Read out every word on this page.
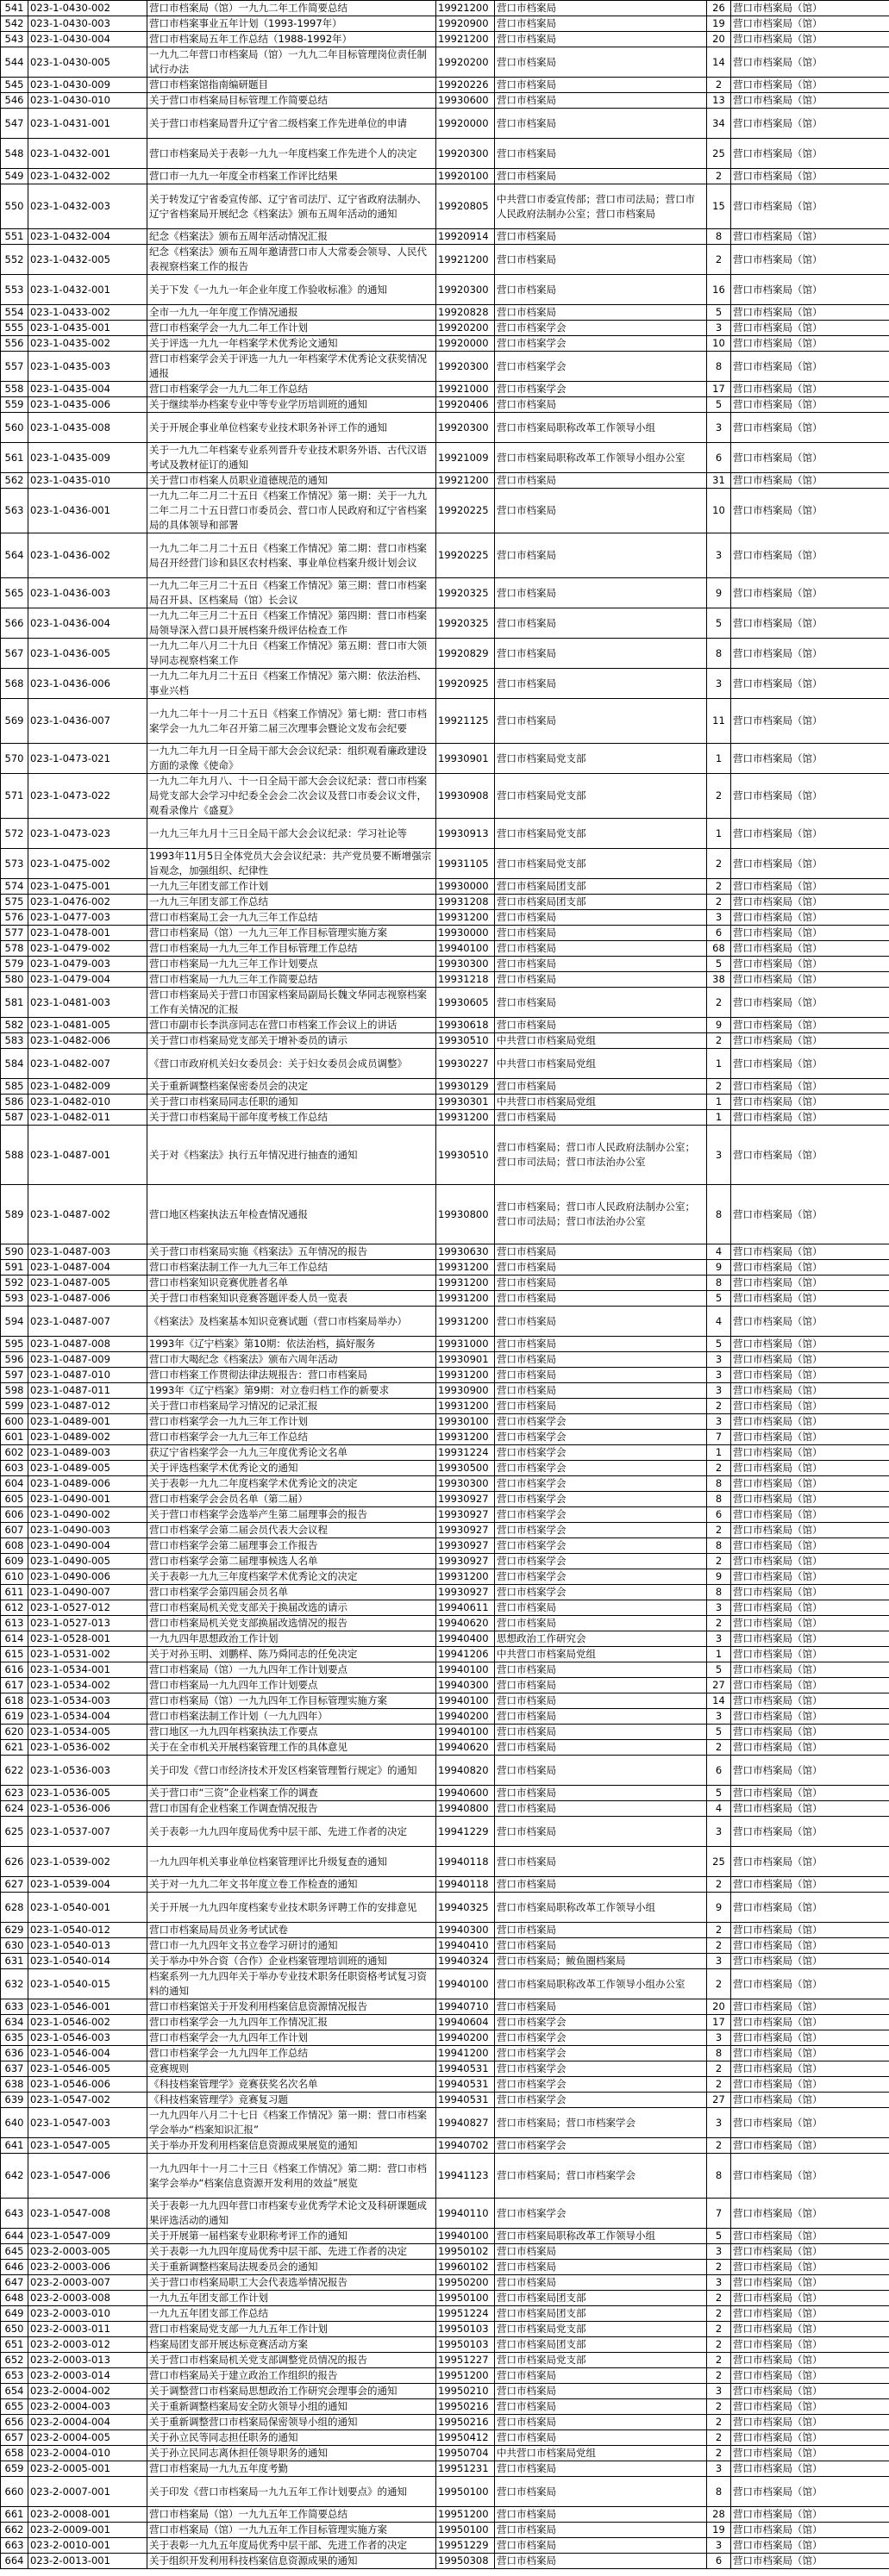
541	023-1-0430-002	营口市档案局（馆）一九九二年工作简要总结	19921200	营口市档案局	26	营口市档案局（馆）
542	023-1-0430-003	营口市档案事业五年计划（1993-1997年）	19920900	营口市档案局	19	营口市档案局（馆）
543	023-1-0430-004	营口市档案局五年工作总结（1988-1992年）	19921200	营口市档案局	20	营口市档案局（馆）
544	023-1-0430-005	一九九二年营口市档案局（馆）一九九二年目标管理岗位责任制试行办法	19920200	营口市档案局	14	营口市档案局（馆）
545	023-1-0430-009	营口市档案馆指南编研题目	19920226	营口市档案局	2	营口市档案局（馆）
546	023-1-0430-010	关于营口市档案局目标管理工作简要总结	19930600	营口市档案局	13	营口市档案局（馆）
547	023-1-0431-001	关于营口市档案局晋升辽宁省二级档案工作先进单位的申请	19920000	营口市档案局	34	营口市档案局（馆）
548	023-1-0432-001	营口市档案局关于表彰一九九一年度档案工作先进个人的决定	19920300	营口市档案局	25	营口市档案局（馆）
549	023-1-0432-002	营口市一九九一年度全市档案工作评比结果	19920100	营口市档案局	2	营口市档案局（馆）
550	023-1-0432-003	关于转发辽宁省委宣传部、辽宁省司法厅、辽宁省政府法制办、辽宁省档案局开展纪念《档案法》颁布五周年活动的通知	19920805	中共营口市委宣传部；营口市司法局；营口市人民政府法制办公室；营口市档案局	15	营口市档案局（馆）
551	023-1-0432-004	纪念《档案法》颁布五周年活动情况汇报	19920914	营口市档案局	8	营口市档案局（馆）
552	023-1-0432-005	纪念《档案法》颁布五周年邀请营口市人大常委会领导、人民代表视察档案工作的报告	19921200	营口市档案局	2	营口市档案局（馆）
553	023-1-0432-001	关于下发《一九九一年企业年度工作验收标准》的通知	19920300	营口市档案局	16	营口市档案局（馆）
554	023-1-0433-002	全市一九九一年年度工作情况通报	19920828	营口市档案局	5	营口市档案局（馆）
555	023-1-0435-001	营口市档案学会一九九二年工作计划	19920200	营口市档案学会	3	营口市档案局（馆）
556	023-1-0435-002	关于评选一九九一年档案学术优秀论文通知	19920000	营口市档案学会	10	营口市档案局（馆）
557	023-1-0435-003	营口市档案学会关于评选一九九一年档案学术优秀论文获奖情况通报	19920300	营口市档案学会	8	营口市档案局（馆）
558	023-1-0435-004	营口市档案学会一九九二年工作总结	19921000	营口市档案学会	17	营口市档案局（馆）
559	023-1-0435-006	关于继续举办档案专业中等专业学历培训班的通知	19920406	营口市档案局	5	营口市档案局（馆）
560	023-1-0435-008	关于开展企事业单位档案专业技术职务补评工作的通知	19920300	营口市档案局职称改革工作领导小组	3	营口市档案局（馆）
561	023-1-0435-009	关于一九九二年档案专业系列晋升专业技术职务外语、古代汉语考试及教材征订的通知	19921009	营口市档案局职称改革工作领导小组办公室	6	营口市档案局（馆）
562	023-1-0435-010	关于营口市档案人员职业道德规范的通知	19921200	营口市档案局	31	营口市档案局（馆）
563	023-1-0436-001	一九九二年二月二十五日《档案工作情况》第一期：关于一九九二年二月二十五日营口市委员会、营口市人民政府和辽宁省档案局的具体领导和部署	19920225	营口市档案局	10	营口市档案局（馆）
564	023-1-0436-002	一九九二年二月二十五日《档案工作情况》第二期：营口市档案局召开经营门诊和县区农村档案、事业单位档案升级计划会议	19920225	营口市档案局	3	营口市档案局（馆）
565	023-1-0436-003	一九九二年三月二十五日《档案工作情况》第三期：营口市档案局召开县、区档案局（馆）长会议	19920325	营口市档案局	9	营口市档案局（馆）
566	023-1-0436-004	一九九二年三月二十五日《档案工作情况》第四期：营口市档案局领导深入营口县开展档案升级评估检查工作	19920325	营口市档案局	5	营口市档案局（馆）
567	023-1-0436-005	一九九二年八月二十九日《档案工作情况》第五期：营口市大领导同志视察档案工作	19920829	营口市档案局	8	营口市档案局（馆）
568	023-1-0436-006	一九九二年九月二十五日《档案工作情况》第六期：依法治档、事业兴档	19920925	营口市档案局	3	营口市档案局（馆）
569	023-1-0436-007	一九九二年十一月二十五日《档案工作情况》第七期：营口市档案学会一九九二年召开第二届三次理事会暨论文发布会纪要	19921125	营口市档案局	11	营口市档案局（馆）
570	023-1-0473-021	一九九二年九月一日全局干部大会会议纪录：组织观看廉政建设方面的录像《使命》	19930901	营口市档案局党支部	1	营口市档案局（馆）
571	023-1-0473-022	一九九二年九月八、十一日全局干部大会会议纪录：营口市档案局党支部大会学习中纪委全会会二次会议及营口市委会议文件，观看录像片《盛夏》	19930908	营口市档案局党支部	2	营口市档案局（馆）
572	023-1-0473-023	一九九三年九月十三日全局干部大会会议纪录：学习社论等	19930913	营口市档案局党支部	1	营口市档案局（馆）
573	023-1-0475-002	1993年11月5日全体党员大会会议纪录：共产党员要不断增强宗旨观念，加强组织、纪律性	19931105	营口市档案局党支部	2	营口市档案局（馆）
574	023-1-0475-001	一九九三年团支部工作计划	19930000	营口市档案局团支部	2	营口市档案局（馆）
575	023-1-0476-002	一九九三年团支部工作总结	19931208	营口市档案局团支部	2	营口市档案局（馆）
576	023-1-0477-003	营口市档案局工会一九九三年工作总结	19931200	营口市档案局	3	营口市档案局（馆）
577	023-1-0478-001	营口市档案局（馆）一九九三年工作目标管理实施方案	19930000	营口市档案局	6	营口市档案局（馆）
578	023-1-0479-002	营口市档案局一九九三年工作目标管理工作总结	19940100	营口市档案局	68	营口市档案局（馆）
579	023-1-0479-003	营口市档案局一九九三年工作计划要点	19930300	营口市档案局	5	营口市档案局（馆）
580	023-1-0479-004	营口市档案局一九九三年工作简要总结	19931218	营口市档案局	38	营口市档案局（馆）
581	023-1-0481-003	营口市档案局关于营口市国家档案局副局长魏文华同志视察档案工作有关情况的汇报	19930605	营口市档案局	2	营口市档案局（馆）
582	023-1-0481-005	营口市副市长李洪彦同志在营口市档案工作会议上的讲话	19930618	营口市档案局	9	营口市档案局（馆）
583	023-1-0482-006	关于营口市档案局党支部关于增补委员的请示	19930510	中共营口市档案局党组	2	营口市档案局（馆）
584	023-1-0482-007	《营口市政府机关妇女委员会：关于妇女委员会成员调整》	19930227	中共营口市档案局党组	1	营口市档案局（馆）
585	023-1-0482-009	关于重新调整档案保密委员会的决定	19930129	营口市档案局	2	营口市档案局（馆）
586	023-1-0482-010	关于营口市档案局同志任职的通知	19930301	中共营口市档案局党组	1	营口市档案局（馆）
587	023-1-0482-011	关于营口市档案局干部年度考核工作总结	19931200	营口市档案局	1	营口市档案局（馆）
588	023-1-0487-001	关于对《档案法》执行五年情况进行抽查的通知	19930510	营口市档案局；营口市人民政府法制办公室；营口市司法局；营口市法治办公室	3	营口市档案局（馆）
589	023-1-0487-002	营口地区档案执法五年检查情况通报	19930800	营口市档案局；营口市人民政府法制办公室；营口市司法局；营口市法治办公室	8	营口市档案局（馆）
590	023-1-0487-003	关于营口市档案局实施《档案法》五年情况的报告	19930630	营口市档案局	4	营口市档案局（馆）
591	023-1-0487-004	营口市档案法制工作一九九三年工作总结	19931200	营口市档案局	9	营口市档案局（馆）
592	023-1-0487-005	营口市档案知识竞赛优胜者名单	19931200	营口市档案局	8	营口市档案局（馆）
593	023-1-0487-006	关于营口市档案知识竞赛答题评委人员一览表	19931200	营口市档案局	5	营口市档案局（馆）
594	023-1-0487-007	《档案法》及档案基本知识竞赛试题（营口市档案局举办）	19931200	营口市档案局	4	营口市档案局（馆）
595	023-1-0487-008	1993年《辽宁档案》第10期：依法治档，搞好服务	19931000	营口市档案局	5	营口市档案局（馆）
596	023-1-0487-009	营口市大喝纪念《档案法》颁布六周年活动	19930901	营口市档案局	3	营口市档案局（馆）
597	023-1-0487-010	营口市档案工作贯彻法律法规报告：营口市档案局	19931200	营口市档案局	3	营口市档案局（馆）
598	023-1-0487-011	1993年《辽宁档案》第9期：对立卷归档工作的新要求	19930900	营口市档案局	3	营口市档案局（馆）
599	023-1-0487-012	关于营口市档案局学习情况的记录汇报	19931200	营口市档案局	2	营口市档案局（馆）
600	023-1-0489-001	营口市档案学会一九九三年工作计划	19930100	营口市档案学会	3	营口市档案局（馆）
601	023-1-0489-002	营口市档案学会一九九三年工作总结	19931200	营口市档案学会	7	营口市档案局（馆）
602	023-1-0489-003	获辽宁省档案学会一九九三年度优秀论文名单	19931224	营口市档案学会	1	营口市档案局（馆）
603	023-1-0489-005	关于评选档案学术优秀论文的通知	19930500	营口市档案学会	2	营口市档案局（馆）
604	023-1-0489-006	关于表彰一九九二年度档案学术优秀论文的决定	19930300	营口市档案学会	8	营口市档案局（馆）
605	023-1-0490-001	营口市档案学会会员名单（第二届）	19930927	营口市档案学会	8	营口市档案局（馆）
606	023-1-0490-002	关于营口市档案学会选举产生第二届理事会的报告	19930927	营口市档案学会	6	营口市档案局（馆）
607	023-1-0490-003	营口市档案学会第二届会员代表大会议程	19930927	营口市档案学会	2	营口市档案局（馆）
608	023-1-0490-004	营口市档案学会第二届理事会工作报告	19930927	营口市档案学会	8	营口市档案局（馆）
609	023-1-0490-005	营口市档案学会第二届理事候选人名单	19930927	营口市档案学会	2	营口市档案局（馆）
610	023-1-0490-006	关于表彰一九九三年度档案学术优秀论文的决定	19931200	营口市档案学会	9	营口市档案局（馆）
611	023-1-0490-007	营口市档案学会第四届会员名单	19930927	营口市档案学会	8	营口市档案局（馆）
612	023-1-0527-012	营口市档案局机关党支部关于换届改选的请示	19940611	营口市档案局	3	营口市档案局（馆）
613	023-1-0527-013	营口市档案局机关党支部换届改选情况的报告	19940620	营口市档案局	2	营口市档案局（馆）
614	023-1-0528-001	一九九四年思想政治工作计划	19940400	思想政治工作研究会	3	营口市档案局（馆）
615	023-1-0531-002	关于对孙玉明、刘鹏样、陈乃舜同志的任免决定	19941206	中共营口市档案局党组	1	营口市档案局（馆）
616	023-1-0534-001	营口市档案局（馆）一九九四年工作计划要点	19940100	营口市档案局	5	营口市档案局（馆）
617	023-1-0534-002	营口市档案局一九九四年工作计划要点	19940300	营口市档案局	27	营口市档案局（馆）
618	023-1-0534-003	营口市档案局（馆）一九九四年工作目标管理实施方案	19940100	营口市档案局	14	营口市档案局（馆）
619	023-1-0534-004	营口市档案法制工作计划（一九九四年）	19940200	营口市档案局	3	营口市档案局（馆）
620	023-1-0534-005	营口地区一九九四年档案执法工作要点	19940100	营口市档案局	5	营口市档案局（馆）
621	023-1-0536-002	关于在全市机关开展档案管理工作的具体意见	19940620	营口市档案局	2	营口市档案局（馆）
622	023-1-0536-003	关于印发《营口市经济技术开发区档案管理暂行规定》的通知	19940820	营口市档案局	6	营口市档案局（馆）
623	023-1-0536-005	关于营口市“三资”企业档案工作的调查	19940600	营口市档案局	5	营口市档案局（馆）
624	023-1-0536-006	营口市国有企业档案工作调查情况报告	19940800	营口市档案局	4	营口市档案局（馆）
625	023-1-0537-007	关于表彰一九九四年度局优秀中层干部、先进工作者的决定	19941229	营口市档案局	3	营口市档案局（馆）
626	023-1-0539-002	一九九四年机关事业单位档案管理评比升级复查的通知	19940118	营口市档案局	25	营口市档案局（馆）
627	023-1-0539-004	关于对一九九二年文书年度立卷工作检查的通知	19940118	营口市档案局	2	营口市档案局（馆）
628	023-1-0540-001	关于开展一九九四年度档案专业技术职务评聘工作的安排意见	19940325	营口市档案局职称改革工作领导小组	9	营口市档案局（馆）
629	023-1-0540-012	营口市档案局局员业务考试试卷	19940300	营口市档案局	2	营口市档案局（馆）
630	023-1-0540-013	营口市一九九四年文书立卷学习研讨的通知	19940410	营口市档案局	2	营口市档案局（馆）
631	023-1-0540-014	关于举办中外合资（合作）企业档案管理培训班的通知	19940324	营口市档案局；鲅鱼圈档案局	3	营口市档案局（馆）
632	023-1-0540-015	档案系列一九九四年关于举办专业技术职务任职资格考试复习资料的通知	19940100	营口市档案局职称改革工作领导小组办公室	2	营口市档案局（馆）
633	023-1-0546-001	营口市档案馆关于开发利用档案信息资源情况报告	19940710	营口市档案局	20	营口市档案局（馆）
634	023-1-0546-002	营口市档案学会一九九四年工作情况汇报	19940604	营口市档案学会	17	营口市档案局（馆）
635	023-1-0546-003	营口市档案学会一九九四年工作计划	19940200	营口市档案学会	3	营口市档案局（馆）
636	023-1-0546-004	营口市档案学会一九九四年工作总结	19941200	营口市档案学会	8	营口市档案局（馆）
637	023-1-0546-005	竞赛规则	19940531	营口市档案学会	2	营口市档案局（馆）
638	023-1-0546-006	《科技档案管理学》竞赛获奖名次名单	19940531	营口市档案学会	2	营口市档案局（馆）
639	023-1-0547-002	《科技档案管理学》竞赛复习题	19940531	营口市档案学会	27	营口市档案局（馆）
640	023-1-0547-003	一九九四年八月二十七日《档案工作情况》第一期：营口市档案学会举办“档案知识汇报”	19940827	营口市档案局；营口市档案学会	3	营口市档案局（馆）
641	023-1-0547-005	关于举办开发利用档案信息资源成果展览的通知	19940702	营口市档案学会	2	营口市档案局（馆）
642	023-1-0547-006	一九九四年十一月二十三日《档案工作情况》第二期：营口市档案学会举办“档案信息资源开发利用的效益”展览	19941123	营口市档案局；营口市档案学会	8	营口市档案局（馆）
643	023-1-0547-008	关于表彰一九九四年营口市档案专业优秀学术论文及科研课题成果评选活动的通知	19940110	营口市档案学会	7	营口市档案局（馆）
644	023-1-0547-009	关于开展第一届档案专业职称考评工作的通知	19940100	营口市档案局职称改革工作领导小组	5	营口市档案局（馆）
645	023-2-0003-005	关于表彰一九九四年度局优秀中层干部、先进工作者的决定	19950102	营口市档案局	3	营口市档案局（馆）
646	023-2-0003-006	关于重新调整档案局法规委员会的通知	19960102	营口市档案局	2	营口市档案局（馆）
647	023-2-0003-007	关于营口市档案局职工大会代表选举情况报告	19950200	营口市档案局	3	营口市档案局（馆）
648	023-2-0003-008	一九九五年团支部工作计划	19950100	营口市档案局团支部	2	营口市档案局（馆）
649	023-2-0003-010	一九九五年团支部工作总结	19951224	营口市档案局团支部	2	营口市档案局（馆）
650	023-2-0003-011	营口市档案局党支部一九九五年工作计划	19950103	营口市档案局党支部	2	营口市档案局（馆）
651	023-2-0003-012	档案局团支部开展达标竞赛活动方案	19950103	营口市档案局团支部	2	营口市档案局（馆）
652	023-2-0003-013	关于营口市档案局机关党支部调整党员情况的报告	19951227	营口市档案局党支部	2	营口市档案局（馆）
653	023-2-0003-014	营口市档案局关于建立政治工作组织的报告	19951200	营口市档案局	2	营口市档案局（馆）
654	023-2-0004-002	关于调整营口市档案局思想政治工作研究会理事会的通知	19950210	营口市档案局	3	营口市档案局（馆）
655	023-2-0004-003	关于重新调整档案局安全防火领导小组的通知	19950216	营口市档案局	2	营口市档案局（馆）
656	023-2-0004-004	关于重新调整营口市档案局保密领导小组的通知	19950216	营口市档案局	2	营口市档案局（馆）
657	023-2-0004-005	关于孙立民等同志担任职务的通知	19950412	营口市档案局	2	营口市档案局（馆）
658	023-2-0004-010	关于孙立民同志离休担任领导职务的通知	19950704	中共营口市档案局党组	2	营口市档案局（馆）
659	023-2-0005-001	营口市档案局一九九五年度考勤	19951231	营口市档案局	3	营口市档案局（馆）
660	023-2-0007-001	关于印发《营口市档案局一九九五年工作计划要点》的通知	19950100	营口市档案局	8	营口市档案局（馆）
661	023-2-0008-001	营口市档案局（馆）一九九五年工作简要总结	19951200	营口市档案局	28	营口市档案局（馆）
662	023-2-0009-001	营口市档案局（馆）一九九五年工作目标管理实施方案	19950100	营口市档案局	19	营口市档案局（馆）
663	023-2-0010-001	关于表彰一九九五年度局优秀中层干部、先进工作者的决定	19951229	营口市档案局	3	营口市档案局（馆）
664	023-2-0013-001	关于组织开发利用科技档案信息资源成果的通知	19950308	营口市档案局	6	营口市档案局（馆）
